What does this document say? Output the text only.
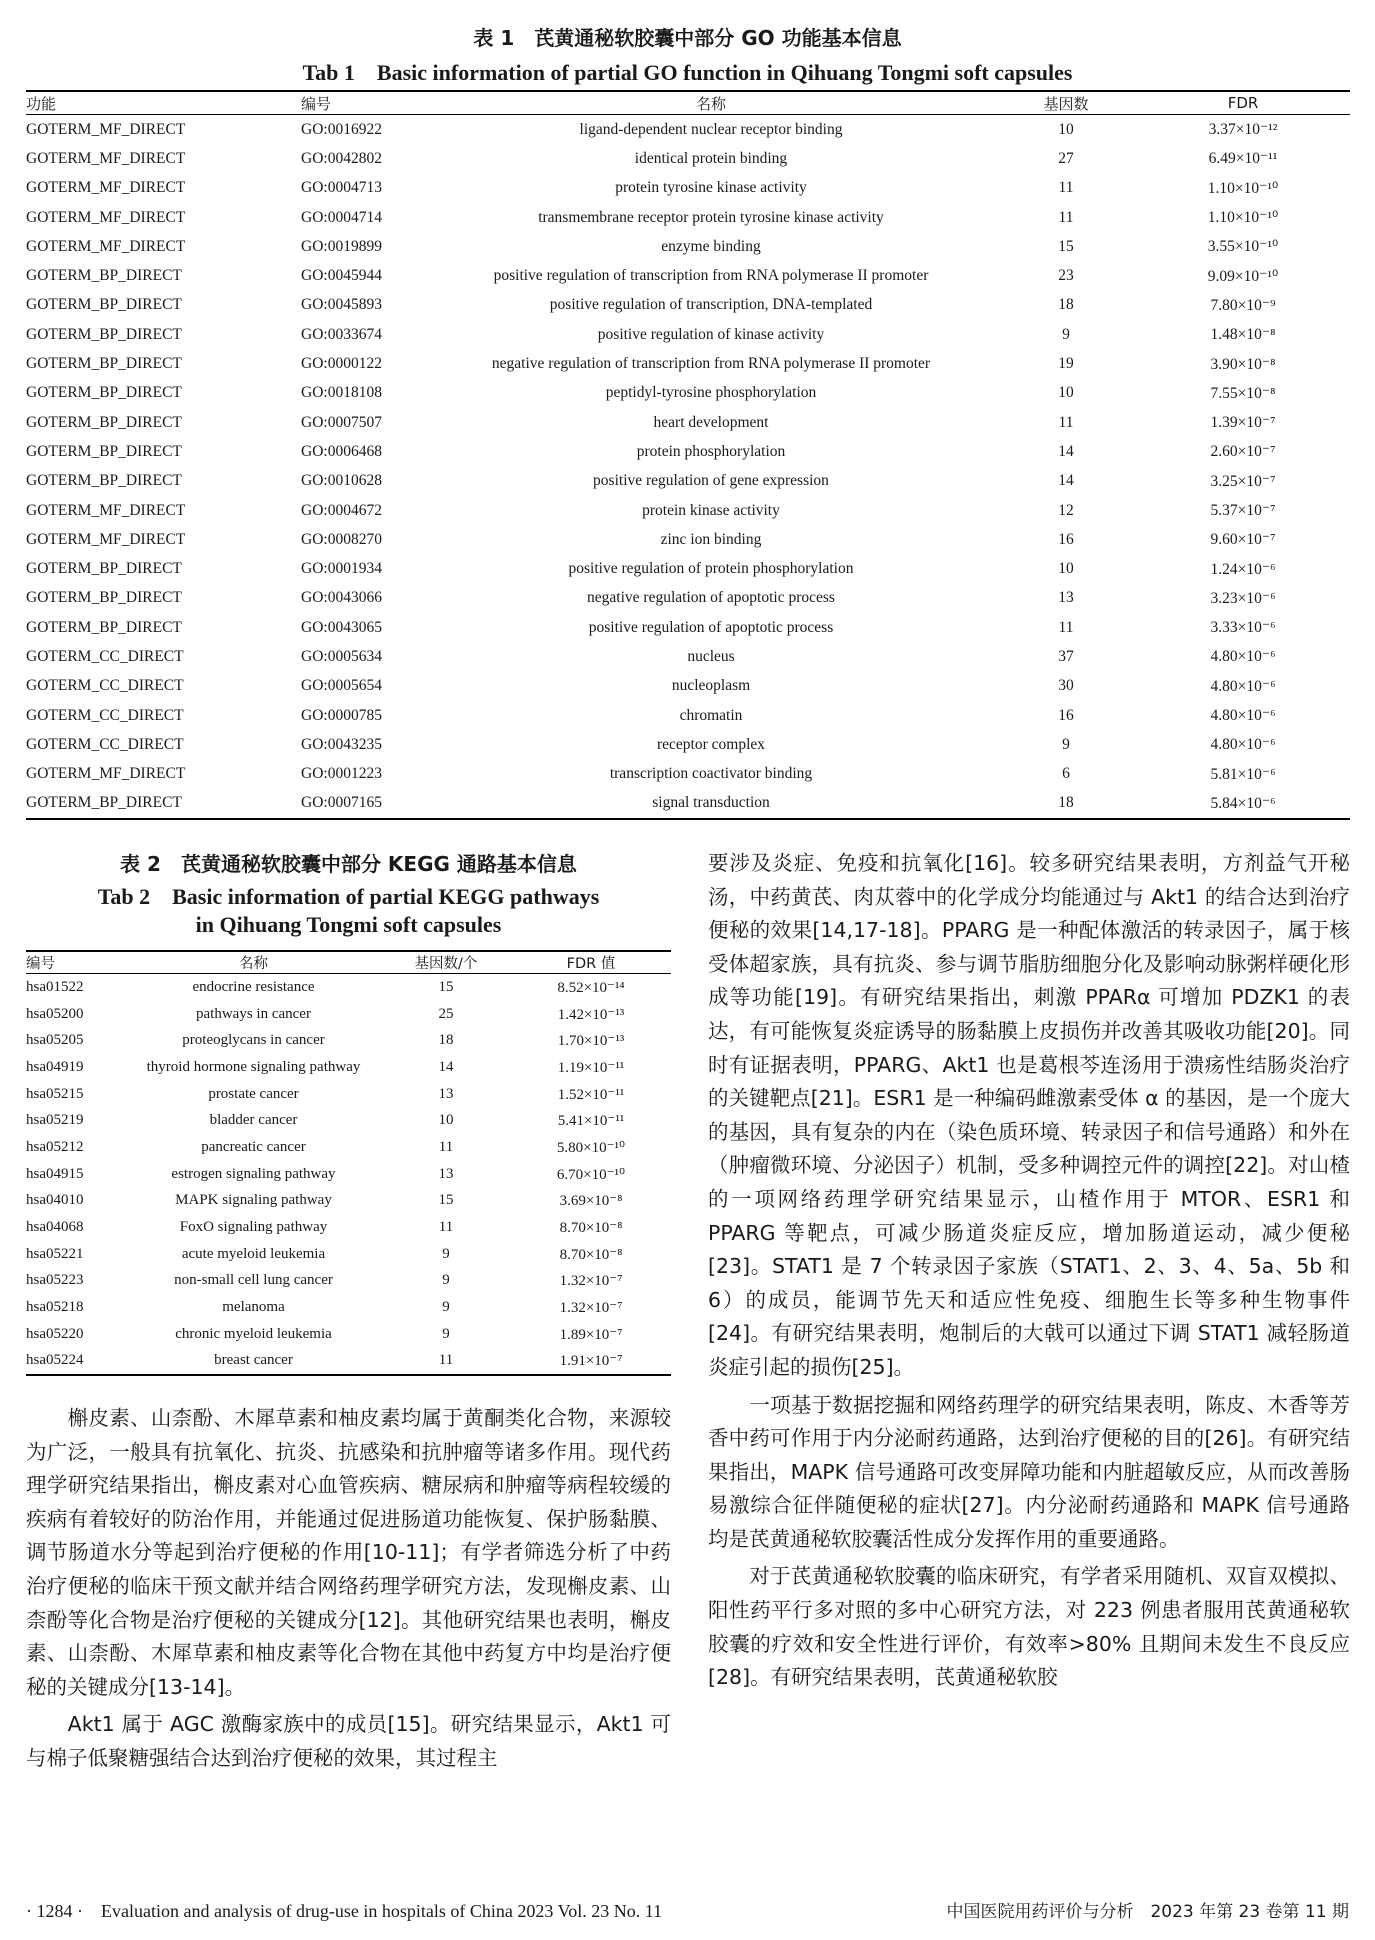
表 1　芪黄通秘软胶囊中部分 GO 功能基本信息
Tab 1　Basic information of partial GO function in Qihuang Tongmi soft capsules
功能	编号	名称	基因数	FDR
GOTERM_MF_DIRECT	GO:0016922	ligand-dependent nuclear receptor binding	10	3.37×10⁻¹²
GOTERM_MF_DIRECT	GO:0042802	identical protein binding	27	6.49×10⁻¹¹
GOTERM_MF_DIRECT	GO:0004713	protein tyrosine kinase activity	11	1.10×10⁻¹⁰
GOTERM_MF_DIRECT	GO:0004714	transmembrane receptor protein tyrosine kinase activity	11	1.10×10⁻¹⁰
GOTERM_MF_DIRECT	GO:0019899	enzyme binding	15	3.55×10⁻¹⁰
GOTERM_BP_DIRECT	GO:0045944	positive regulation of transcription from RNA polymerase II promoter	23	9.09×10⁻¹⁰
GOTERM_BP_DIRECT	GO:0045893	positive regulation of transcription, DNA-templated	18	7.80×10⁻⁹
GOTERM_BP_DIRECT	GO:0033674	positive regulation of kinase activity	9	1.48×10⁻⁸
GOTERM_BP_DIRECT	GO:0000122	negative regulation of transcription from RNA polymerase II promoter	19	3.90×10⁻⁸
GOTERM_BP_DIRECT	GO:0018108	peptidyl-tyrosine phosphorylation	10	7.55×10⁻⁸
GOTERM_BP_DIRECT	GO:0007507	heart development	11	1.39×10⁻⁷
GOTERM_BP_DIRECT	GO:0006468	protein phosphorylation	14	2.60×10⁻⁷
GOTERM_BP_DIRECT	GO:0010628	positive regulation of gene expression	14	3.25×10⁻⁷
GOTERM_MF_DIRECT	GO:0004672	protein kinase activity	12	5.37×10⁻⁷
GOTERM_MF_DIRECT	GO:0008270	zinc ion binding	16	9.60×10⁻⁷
GOTERM_BP_DIRECT	GO:0001934	positive regulation of protein phosphorylation	10	1.24×10⁻⁶
GOTERM_BP_DIRECT	GO:0043066	negative regulation of apoptotic process	13	3.23×10⁻⁶
GOTERM_BP_DIRECT	GO:0043065	positive regulation of apoptotic process	11	3.33×10⁻⁶
GOTERM_CC_DIRECT	GO:0005634	nucleus	37	4.80×10⁻⁶
GOTERM_CC_DIRECT	GO:0005654	nucleoplasm	30	4.80×10⁻⁶
GOTERM_CC_DIRECT	GO:0000785	chromatin	16	4.80×10⁻⁶
GOTERM_CC_DIRECT	GO:0043235	receptor complex	9	4.80×10⁻⁶
GOTERM_MF_DIRECT	GO:0001223	transcription coactivator binding	6	5.81×10⁻⁶
GOTERM_BP_DIRECT	GO:0007165	signal transduction	18	5.84×10⁻⁶
表 2　芪黄通秘软胶囊中部分 KEGG 通路基本信息
Tab 2　Basic information of partial KEGG pathways
in Qihuang Tongmi soft capsules
编号	名称	基因数/个	FDR 值
hsa01522	endocrine resistance	15	8.52×10⁻¹⁴
hsa05200	pathways in cancer	25	1.42×10⁻¹³
hsa05205	proteoglycans in cancer	18	1.70×10⁻¹³
hsa04919	thyroid hormone signaling pathway	14	1.19×10⁻¹¹
hsa05215	prostate cancer	13	1.52×10⁻¹¹
hsa05219	bladder cancer	10	5.41×10⁻¹¹
hsa05212	pancreatic cancer	11	5.80×10⁻¹⁰
hsa04915	estrogen signaling pathway	13	6.70×10⁻¹⁰
hsa04010	MAPK signaling pathway	15	3.69×10⁻⁸
hsa04068	FoxO signaling pathway	11	8.70×10⁻⁸
hsa05221	acute myeloid leukemia	9	8.70×10⁻⁸
hsa05223	non-small cell lung cancer	9	1.32×10⁻⁷
hsa05218	melanoma	9	1.32×10⁻⁷
hsa05220	chronic myeloid leukemia	9	1.89×10⁻⁷
hsa05224	breast cancer	11	1.91×10⁻⁷
　　槲皮素、山柰酚、木犀草素和柚皮素均属于黄酮类化合物，来源较为广泛，一般具有抗氧化、抗炎、抗感染和抗肿瘤等诸多作用。现代药理学研究结果指出，槲皮素对心血管疾病、糖尿病和肿瘤等病程较缓的疾病有着较好的防治作用，并能通过促进肠道功能恢复、保护肠黏膜、调节肠道水分等起到治疗便秘的作用[10-11]；有学者筛选分析了中药治疗便秘的临床干预文献并结合网络药理学研究方法，发现槲皮素、山柰酚等化合物是治疗便秘的关键成分[12]。其他研究结果也表明，槲皮素、山柰酚、木犀草素和柚皮素等化合物在其他中药复方中均是治疗便秘的关键成分[13-14]。
　　Akt1 属于 AGC 激酶家族中的成员[15]。研究结果显示，Akt1 可与棉子低聚糖强结合达到治疗便秘的效果，其过程主
要涉及炎症、免疫和抗氧化[16]。较多研究结果表明，方剂益气开秘汤，中药黄芪、肉苁蓉中的化学成分均能通过与 Akt1 的结合达到治疗便秘的效果[14,17-18]。PPARG 是一种配体激活的转录因子，属于核受体超家族，具有抗炎、参与调节脂肪细胞分化及影响动脉粥样硬化形成等功能[19]。有研究结果指出，刺激 PPARα 可增加 PDZK1 的表达，有可能恢复炎症诱导的肠黏膜上皮损伤并改善其吸收功能[20]。同时有证据表明，PPARG、Akt1 也是葛根芩连汤用于溃疡性结肠炎治疗的关键靶点[21]。ESR1 是一种编码雌激素受体 α 的基因，是一个庞大的基因，具有复杂的内在（染色质环境、转录因子和信号通路）和外在（肿瘤微环境、分泌因子）机制，受多种调控元件的调控[22]。对山楂的一项网络药理学研究结果显示，山楂作用于 MTOR、ESR1 和 PPARG 等靶点，可减少肠道炎症反应，增加肠道运动，减少便秘[23]。STAT1 是 7 个转录因子家族（STAT1、2、3、4、5a、5b 和 6）的成员，能调节先天和适应性免疫、细胞生长等多种生物事件[24]。有研究结果表明，炮制后的大戟可以通过下调 STAT1 减轻肠道炎症引起的损伤[25]。
　　一项基于数据挖掘和网络药理学的研究结果表明，陈皮、木香等芳香中药可作用于内分泌耐药通路，达到治疗便秘的目的[26]。有研究结果指出，MAPK 信号通路可改变屏障功能和内脏超敏反应，从而改善肠易激综合征伴随便秘的症状[27]。内分泌耐药通路和 MAPK 信号通路均是芪黄通秘软胶囊活性成分发挥作用的重要通路。
　　对于芪黄通秘软胶囊的临床研究，有学者采用随机、双盲双模拟、阳性药平行多对照的多中心研究方法，对 223 例患者服用芪黄通秘软胶囊的疗效和安全性进行评价，有效率>80% 且期间未发生不良反应[28]。有研究结果表明，芪黄通秘软胶
· 1284 ·　Evaluation and analysis of drug-use in hospitals of China 2023 Vol. 23 No. 11	中国医院用药评价与分析　2023 年第 23 卷第 11 期
